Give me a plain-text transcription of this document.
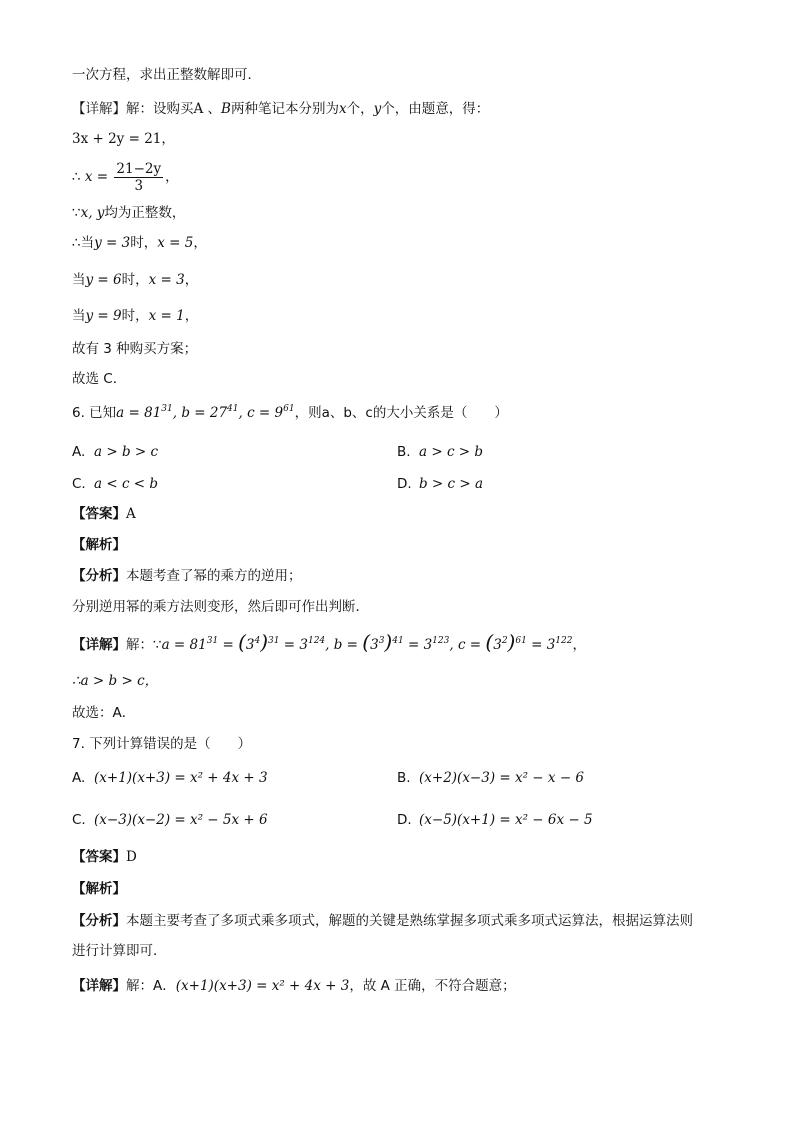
一次方程，求出正整数解即可．
【详解】解：设购买A 、B两种笔记本分别为x个，y个，由题意，得：
3x + 2y = 21，
∴ $x = \frac{21-2y}{3}$ ，
∵x, y均为正整数，
∴当y = 3时，x = 5，
当y = 6时，x = 3，
当y = 9时，x = 1，
故有 3 种购买方案；
故选 C．
6. 已知$a = 81^{31}$, $b = 27^{41}$, $c = 9^{61}$，则a、b、c的大小关系是（　　）
A. a > b > c	B. a > c > b
C. a < c < b	D. b > c > a
【答案】A
【解析】
【分析】本题考查了幂的乘方的逆用；
分别逆用幂的乘方法则变形，然后即可作出判断．
【详解】解：∵a = $81^{31} = (3^4)^{31} = 3^{124}$, $b = (3^3)^{41} = 3^{123}$, $c = (3^2)^{61} = 3^{122}$，
∴a > b > c，
故选：A．
7. 下列计算错误的是（　　）
A. (x+1)(x+3) = x² + 4x + 3	B. (x+2)(x−3) = x² − x − 6
C. (x−3)(x−2) = x² − 5x + 6	D. (x−5)(x+1) = x² − 6x − 5
【答案】D
【解析】
【分析】本题主要考查了多项式乘多项式，解题的关键是熟练掌握多项式乘多项式运算法，根据运算法则
进行计算即可．
【详解】解：A．(x+1)(x+3) = x² + 4x + 3，故 A 正确，不符合题意；
